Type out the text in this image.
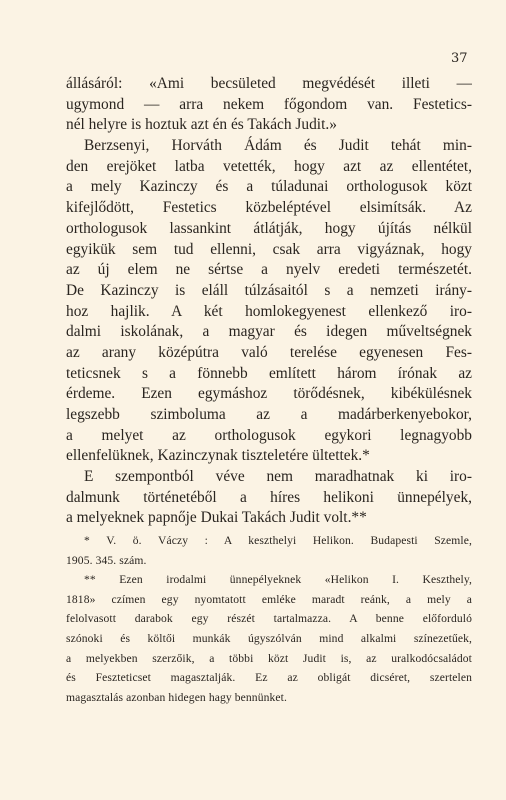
37
állásáról: «Ami becsületed megvédését illeti —
ugymond — arra nekem főgondom van. Festetics-
nél helyre is hoztuk azt én és Takách Judit.»
Berzsenyi, Horváth Ádám és Judit tehát min-
den erejöket latba vetették, hogy azt az ellentétet,
a mely Kazinczy és a túladunai orthologusok közt
kifejlődött, Festetics közbeléptével elsimítsák. Az
orthologusok lassankint átlátják, hogy újítás nélkül
egyikük sem tud ellenni, csak arra vigyáznak, hogy
az új elem ne sértse a nyelv eredeti természetét.
De Kazinczy is eláll túlzásaitól s a nemzeti irány-
hoz hajlik. A két homlokegyenest ellenkező iro-
dalmi iskolának, a magyar és idegen műveltségnek
az arany középútra való terelése egyenesen Fes-
teticsnek s a fönnebb említett három írónak az
érdeme. Ezen egymáshoz törődésnek, kibékülésnek
legszebb szimboluma az a madárberkenyebokor,
a melyet az orthologusok egykori legnagyobb
ellenfelüknek, Kazinczynak tiszteletére ültettek.*
E szempontból véve nem maradhatnak ki iro-
dalmunk történetéből a híres helikoni ünnepélyek,
a melyeknek papnője Dukai Takách Judit volt.**
* V. ö. Váczy : A keszthelyi Helikon. Budapesti Szemle,
1905. 345. szám.
** Ezen irodalmi ünnepélyeknek «Helikon I. Keszthely,
1818» czímen egy nyomtatott emléke maradt reánk, a mely a
felolvasott darabok egy részét tartalmazza. A benne előforduló
szónoki és költői munkák úgyszólván mind alkalmi színezetűek,
a melyekben szerzőik, a többi közt Judit is, az uralkodócsaládot
és Feszteticset magasztalják. Ez az obligát dicséret, szertelen
magasztalás azonban hidegen hagy bennünket.
